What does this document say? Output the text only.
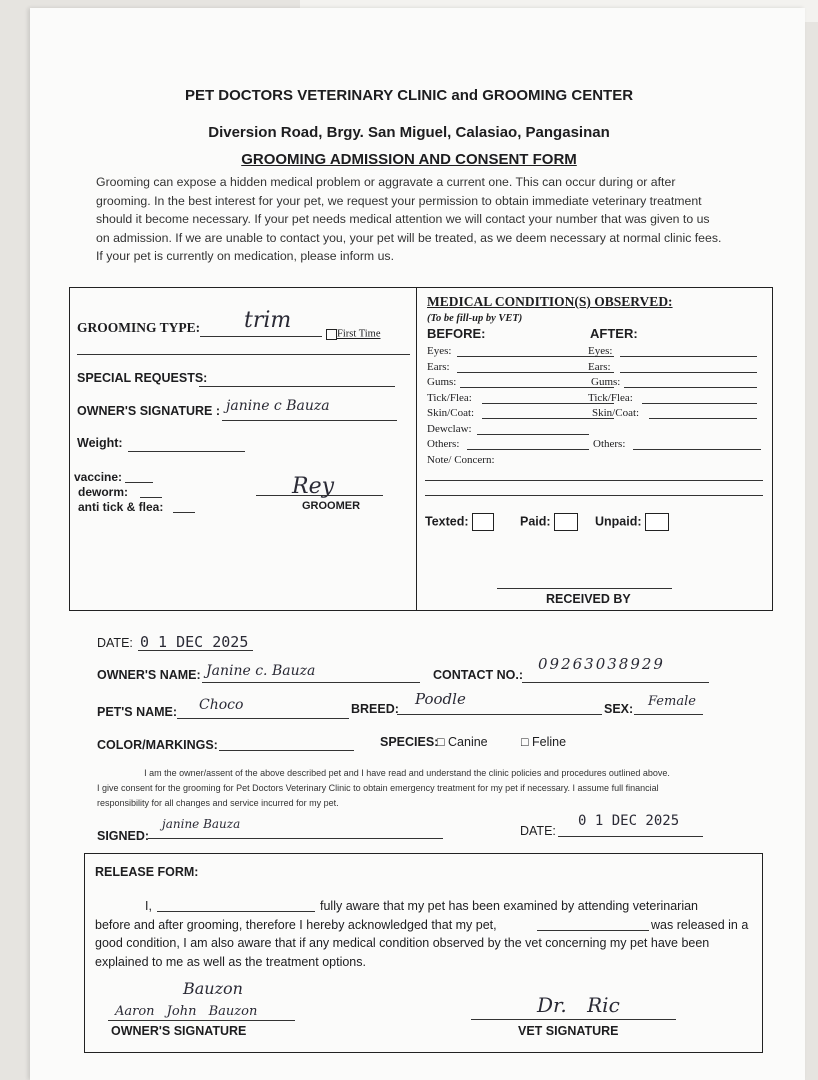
PET DOCTORS VETERINARY CLINIC and GROOMING CENTER
Diversion Road, Brgy. San Miguel, Calasiao, Pangasinan
GROOMING ADMISSION AND CONSENT FORM
Grooming can expose a hidden medical problem or aggravate a current one. This can occur during or after
grooming. In the best interest for your pet, we request your permission to obtain immediate veterinary treatment
should it become necessary. If your pet needs medical attention we will contact your number that was given to us
on admission. If we are unable to contact you, your pet will be treated, as we deem necessary at normal clinic fees.
If your pet is currently on medication, please inform us.
GROOMING TYPE: trim
First Time
SPECIAL REQUESTS:
OWNER'S SIGNATURE : janine c Bauza
Weight:
vaccine:
deworm:
anti tick & flea:
Rey
GROOMER
MEDICAL CONDITION(S) OBSERVED:
(To be fill-up by VET)
BEFORE:	AFTER:
Eyes:	Eyes:
Ears:	Ears:
Gums:	Gums:
Tick/Flea:	Tick/Flea:
Skin/Coat:	Skin/Coat:
Dewclaw:
Others:	Others:
Note/ Concern:
Texted:	Paid:	Unpaid:
RECEIVED BY
DATE: 0 1 DEC 2025
OWNER'S NAME: Janine c. Bauza	CONTACT NO.:
09263038929
PET'S NAME: Choco	BREED:
Poodle
SEX: Female
COLOR/MARKINGS:	SPECIES:
□ Canine	□ Feline
I am the owner/assent of the above described pet and I have read and understand the clinic policies and procedures outlined above.
I give consent for the grooming for Pet Doctors Veterinary Clinic to obtain emergency treatment for my pet if necessary. I assume full financial
responsibility for all changes and service incurred for my pet.
SIGNED:
janine Bauza	DATE:
0 1 DEC 2025
RELEASE FORM:
I,	fully aware that my pet has been examined by attending veterinarian
before and after grooming, therefore I hereby acknowledged that my pet,	was released in a
good condition, I am also aware that if any medical condition observed by the vet concerning my pet have been
explained to me as well as the treatment options.
Bauzon
Aaron John Bauzon
OWNER'S SIGNATURE
Dr. Ric
VET SIGNATURE
